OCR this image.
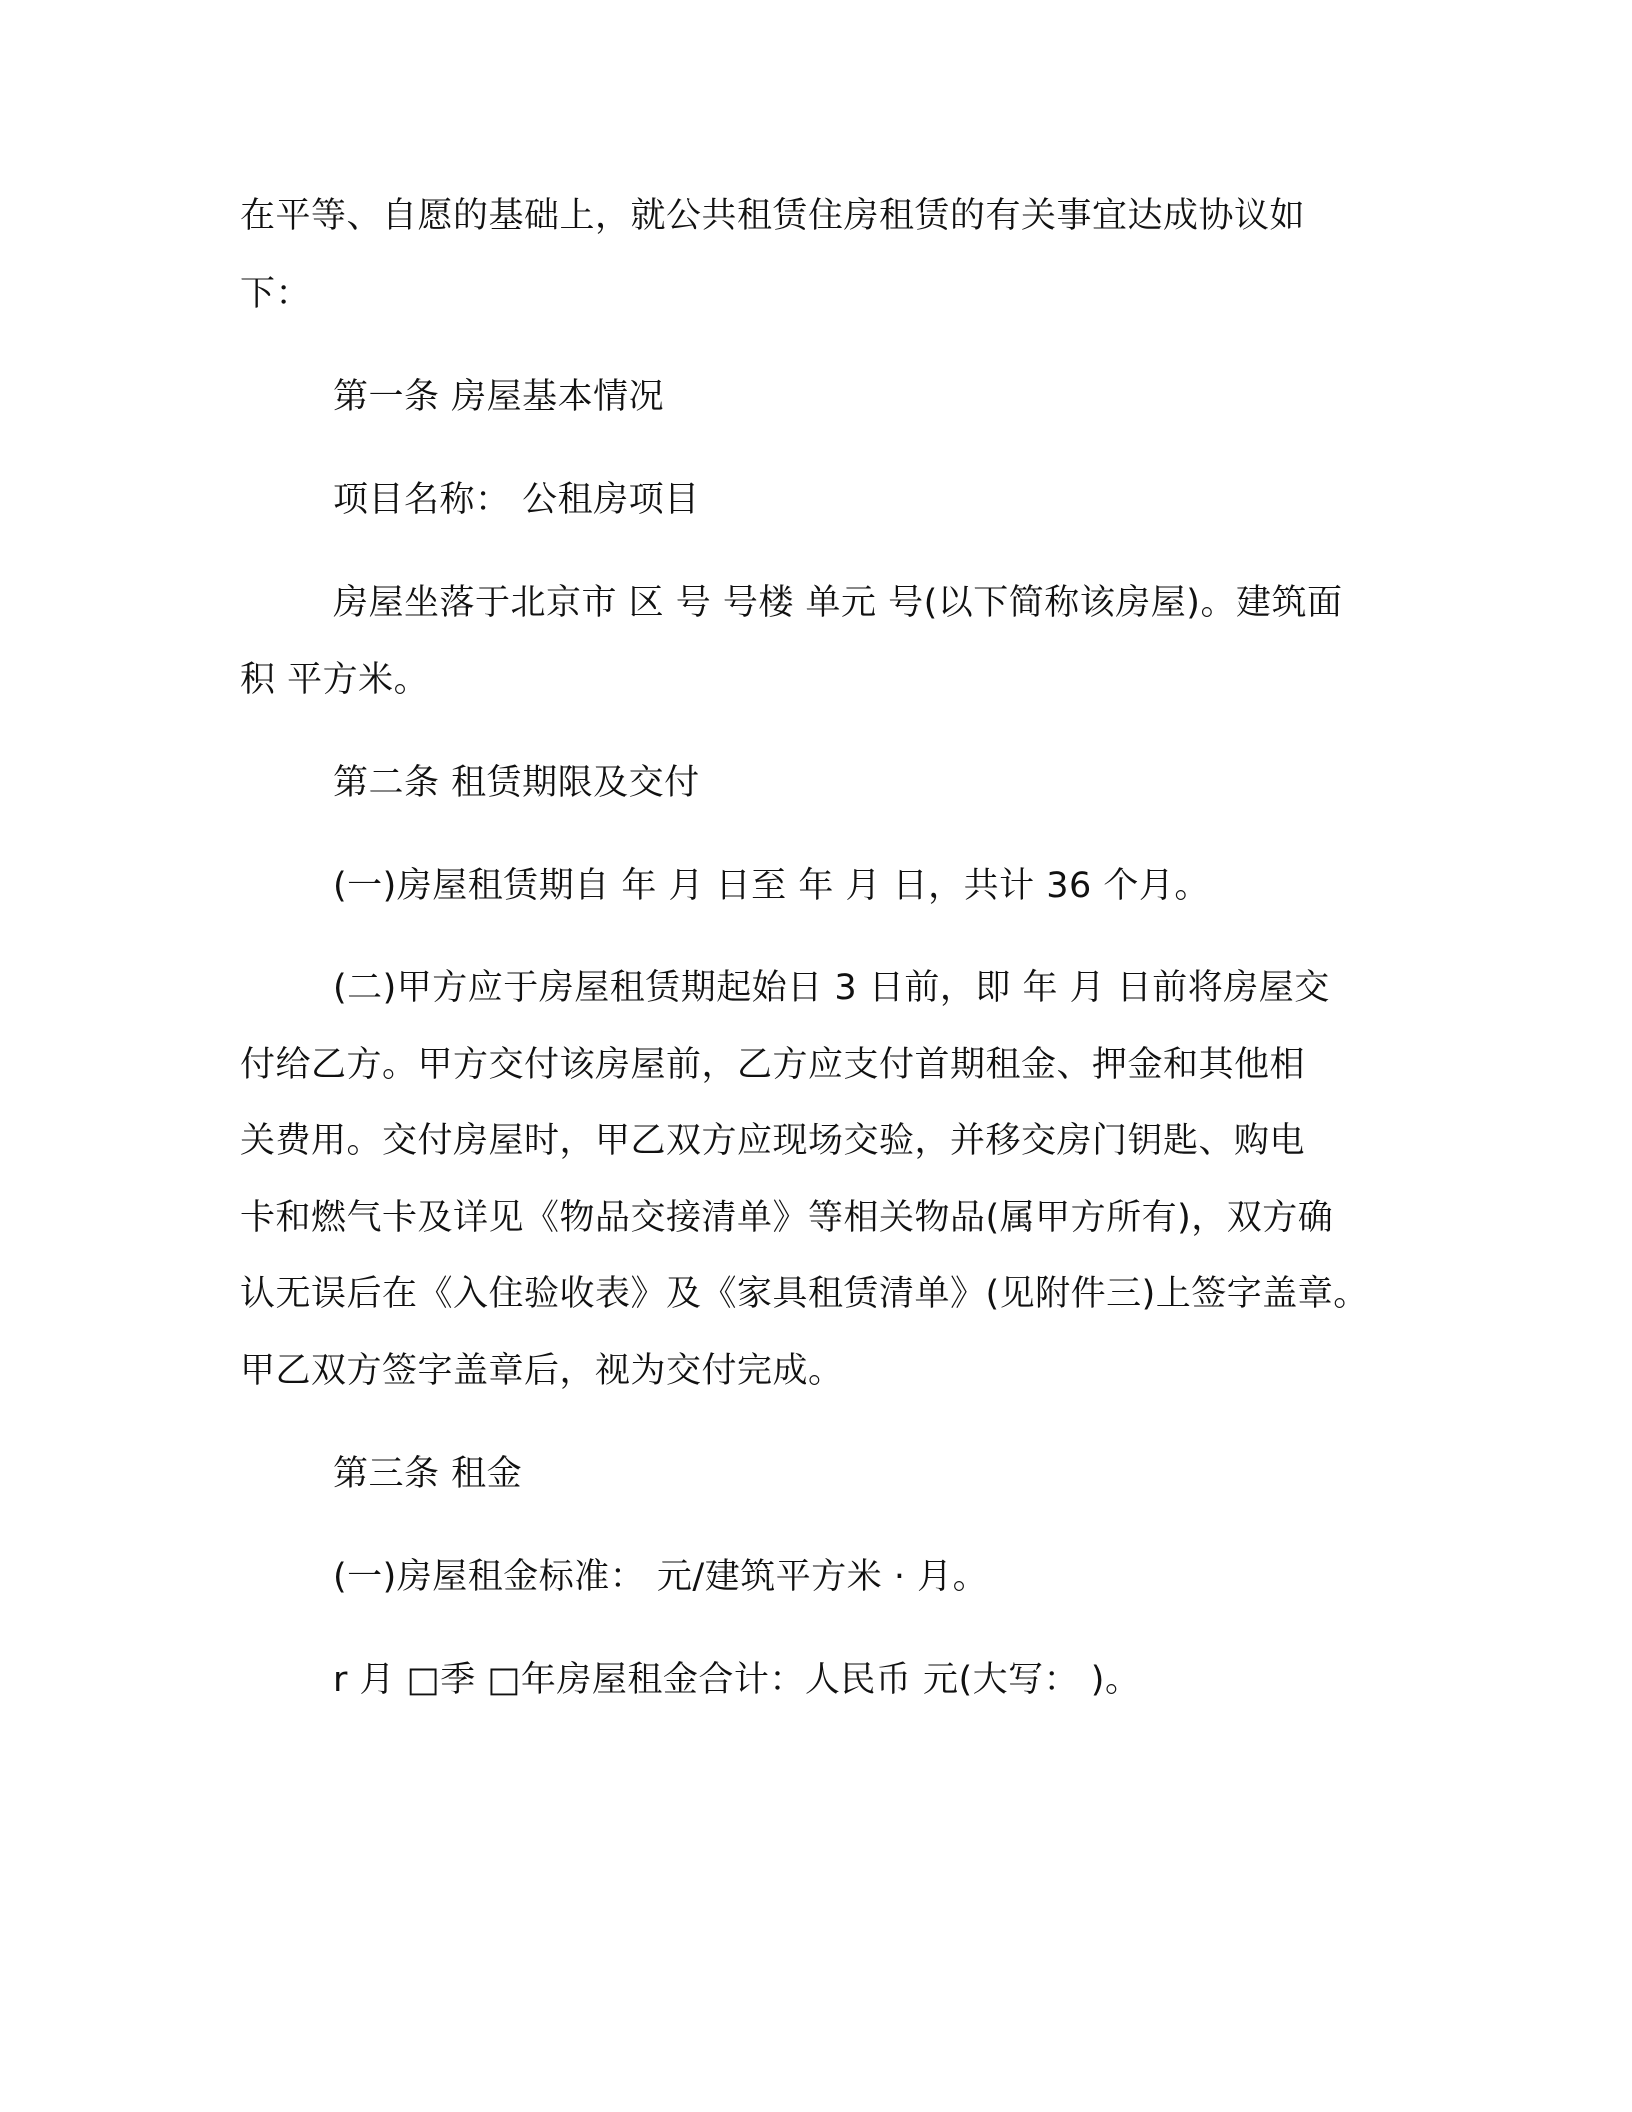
在平等、自愿的基础上，就公共租赁住房租赁的有关事宜达成协议如
下：
第一条 房屋基本情况
项目名称： 公租房项目
房屋坐落于北京市 区 号 号楼 单元 号(以下简称该房屋)。建筑面
积 平方米。
第二条 租赁期限及交付
(一)房屋租赁期自 年 月 日至 年 月 日，共计 36 个月。
(二)甲方应于房屋租赁期起始日 3 日前，即 年 月 日前将房屋交
付给乙方。甲方交付该房屋前，乙方应支付首期租金、押金和其他相
关费用。交付房屋时，甲乙双方应现场交验，并移交房门钥匙、购电
卡和燃气卡及详见《物品交接清单》等相关物品(属甲方所有)，双方确
认无误后在《入住验收表》及《家具租赁清单》(见附件三)上签字盖章。
甲乙双方签字盖章后，视为交付完成。
第三条 租金
(一)房屋租金标准： 元/建筑平方米 · 月。
r 月 □季 □年房屋租金合计：人民币 元(大写： )。
